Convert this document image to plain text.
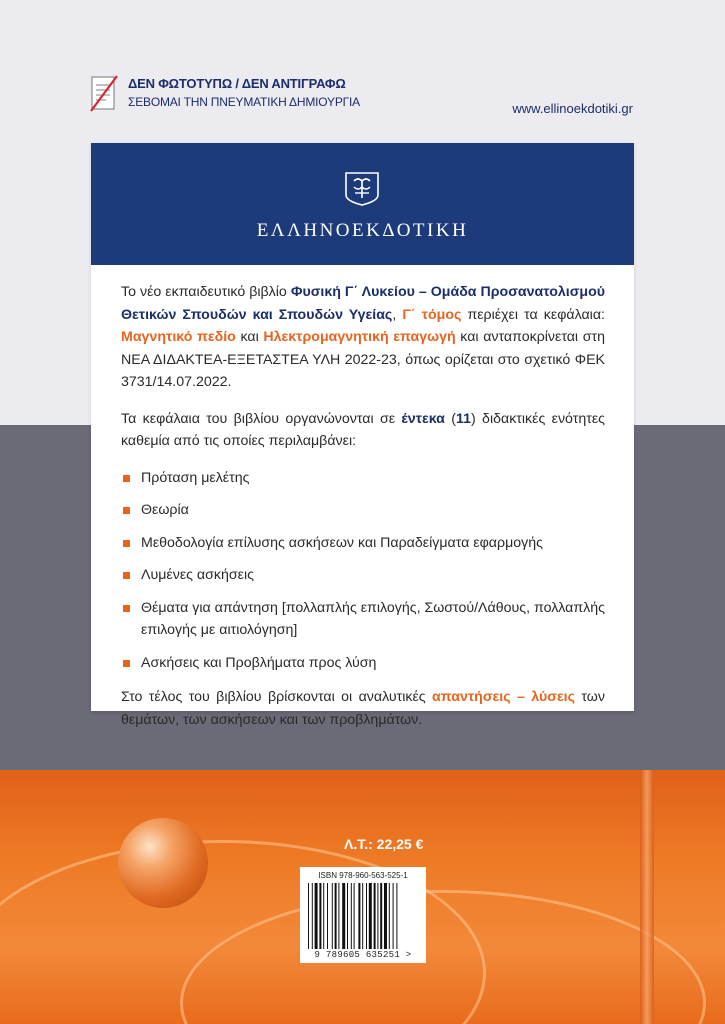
ΔΕΝ ΦΩΤΟΤΥΠΩ / ΔΕΝ ΑΝΤΙΓΡΑΦΩ
ΣΕΒΟΜΑΙ ΤΗΝ ΠΝΕΥΜΑΤΙΚΗ ΔΗΜΙΟΥΡΓΙΑ	www.ellinoekdotiki.gr
ΕΛΛΗΝΟΕΚΔΟΤΙΚΗ

Το νέο εκπαιδευτικό βιβλίο Φυσική Γ΄ Λυκείου – Ομάδα Προσανατολισμού Θετικών Σπουδών και Σπουδών Υγείας, Γ΄ τόμος περιέχει τα κεφάλαια: Μαγνητικό πεδίο και Ηλεκτρομαγνητική επαγωγή και ανταποκρίνεται στη ΝΕΑ ΔΙΔΑΚΤΕΑ-ΕΞΕΤΑΣΤΕΑ ΥΛΗ 2022-23, όπως ορίζεται στο σχετικό ΦΕΚ 3731/14.07.2022.

Τα κεφάλαια του βιβλίου οργανώνονται σε έντεκα (11) διδακτικές ενότητες καθεμία από τις οποίες περιλαμβάνει:

Πρόταση μελέτης
Θεωρία
Μεθοδολογία επίλυσης ασκήσεων και Παραδείγματα εφαρμογής
Λυμένες ασκήσεις
Θέματα για απάντηση [πολλαπλής επιλογής, Σωστού/Λάθους, πολλαπλής επιλογής με αιτιολόγηση]
Ασκήσεις και Προβλήματα προς λύση

Στο τέλος του βιβλίου βρίσκονται οι αναλυτικές απαντήσεις – λύσεις των θεμάτων, των ασκήσεων και των προβλημάτων.

Λ.Τ.: 22,25 €
ISBN 978-960-563-525-1
9 789605 635251 >
